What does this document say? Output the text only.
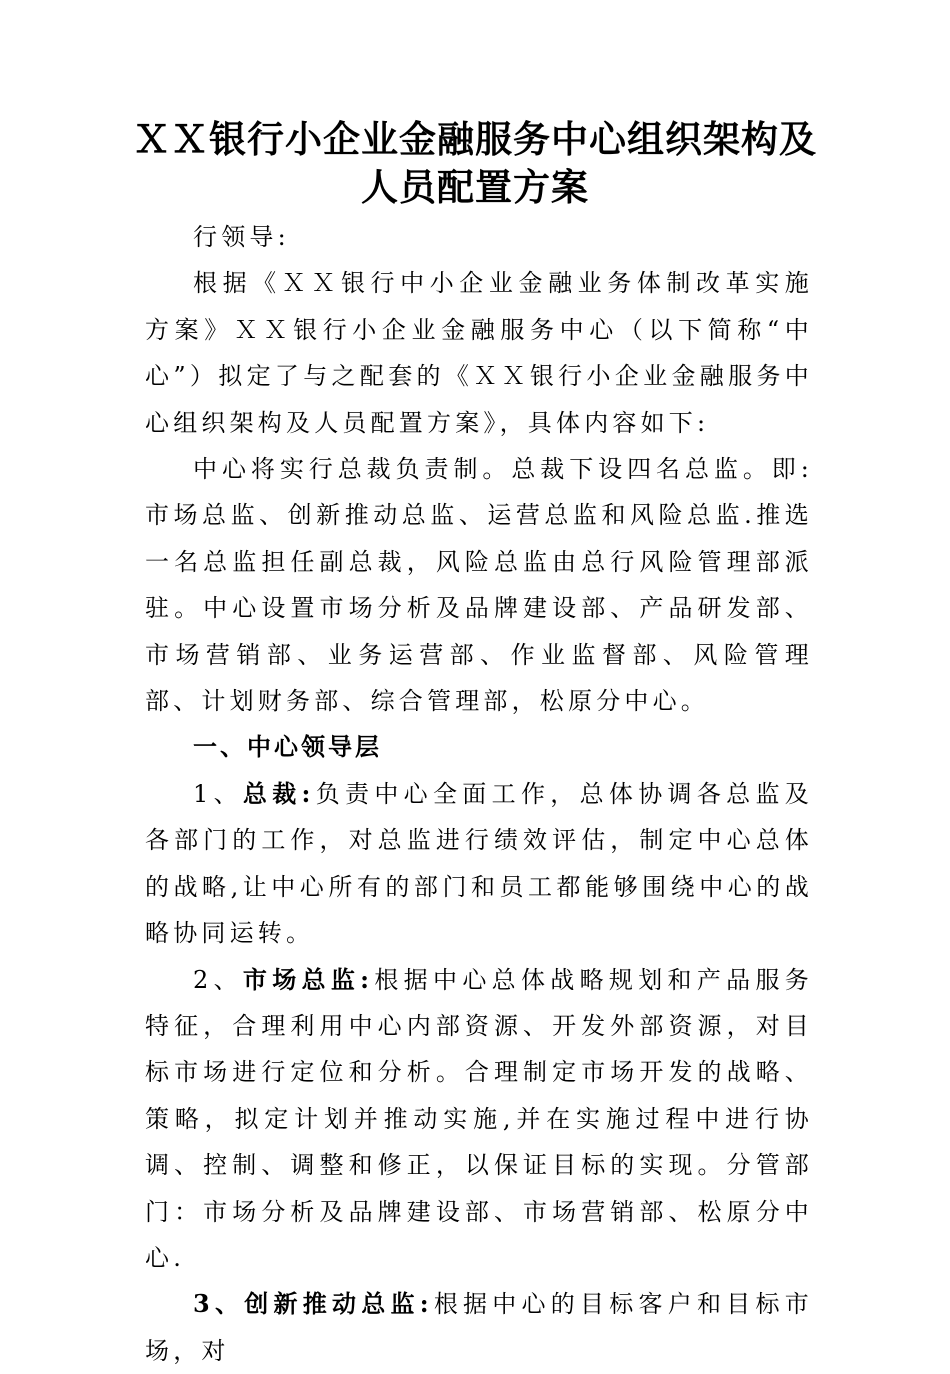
ＸＸ银行小企业金融服务中心组织架构及
人员配置方案

行领导:

根据《ＸＸ银行中小企业金融业务体制改革实施方案》ＸＸ银行小企业金融服务中心（以下简称“中心”）拟定了与之配套的《ＸＸ银行小企业金融服务中心组织架构及人员配置方案》，具体内容如下:

中心将实行总裁负责制。总裁下设四名总监。即:市场总监、创新推动总监、运营总监和风险总监.推选一名总监担任副总裁，风险总监由总行风险管理部派驻。中心设置市场分析及品牌建设部、产品研发部、市场营销部、业务运营部、作业监督部、风险管理部、计划财务部、综合管理部，松原分中心。

一、中心领导层

1、总裁:负责中心全面工作，总体协调各总监及各部门的工作，对总监进行绩效评估，制定中心总体的战略,让中心所有的部门和员工都能够围绕中心的战略协同运转。

2、市场总监:根据中心总体战略规划和产品服务特征，合理利用中心内部资源、开发外部资源，对目标市场进行定位和分析。合理制定市场开发的战略、策略，拟定计划并推动实施,并在实施过程中进行协调、控制、调整和修正，以保证目标的实现。分管部门：市场分析及品牌建设部、市场营销部、松原分中心.

3、创新推动总监:根据中心的目标客户和目标市场，对
